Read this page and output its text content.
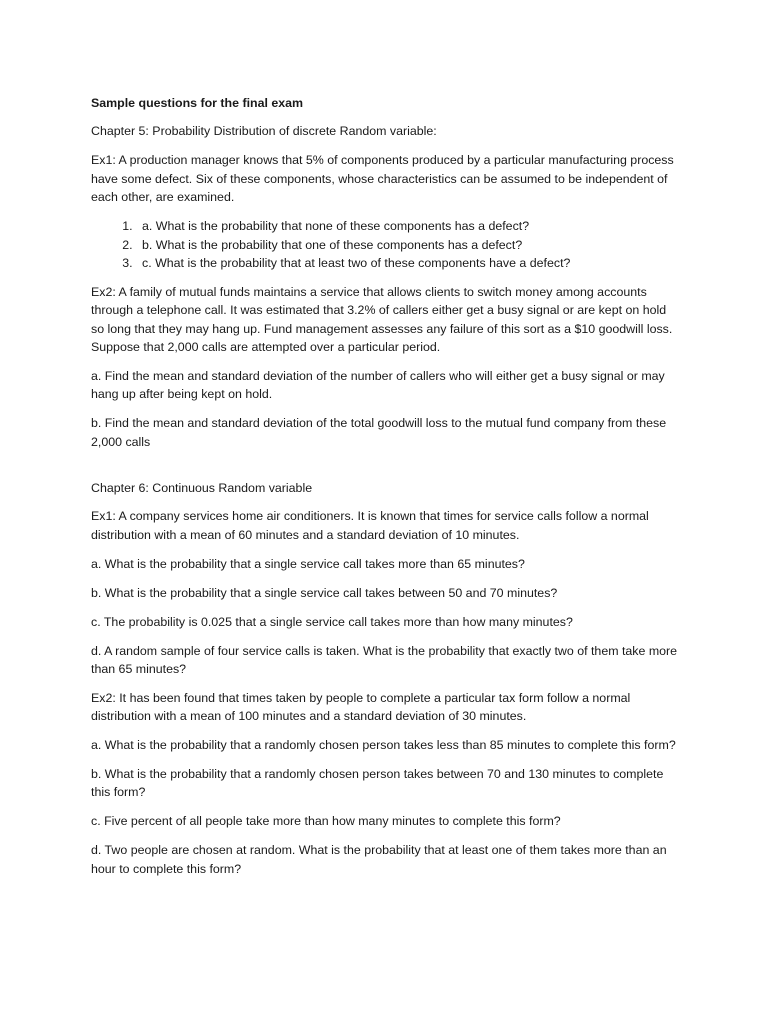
Sample questions for the final exam

Chapter 5: Probability Distribution of discrete Random variable:

Ex1: A production manager knows that 5% of components produced by a particular manufacturing process have some defect. Six of these components, whose characteristics can be assumed to be independent of each other, are examined.

1. a. What is the probability that none of these components has a defect?
2. b. What is the probability that one of these components has a defect?
3. c. What is the probability that at least two of these components have a defect?

Ex2: A family of mutual funds maintains a service that allows clients to switch money among accounts through a telephone call. It was estimated that 3.2% of callers either get a busy signal or are kept on hold so long that they may hang up. Fund management assesses any failure of this sort as a $10 goodwill loss. Suppose that 2,000 calls are attempted over a particular period.

a. Find the mean and standard deviation of the number of callers who will either get a busy signal or may hang up after being kept on hold.

b. Find the mean and standard deviation of the total goodwill loss to the mutual fund company from these 2,000 calls

Chapter 6: Continuous Random variable

Ex1: A company services home air conditioners. It is known that times for service calls follow a normal distribution with a mean of 60 minutes and a standard deviation of 10 minutes.

a. What is the probability that a single service call takes more than 65 minutes?

b. What is the probability that a single service call takes between 50 and 70 minutes?

c. The probability is 0.025 that a single service call takes more than how many minutes?

d. A random sample of four service calls is taken. What is the probability that exactly two of them take more than 65 minutes?

Ex2: It has been found that times taken by people to complete a particular tax form follow a normal distribution with a mean of 100 minutes and a standard deviation of 30 minutes.

a. What is the probability that a randomly chosen person takes less than 85 minutes to complete this form?

b. What is the probability that a randomly chosen person takes between 70 and 130 minutes to complete this form?

c. Five percent of all people take more than how many minutes to complete this form?

d. Two people are chosen at random. What is the probability that at least one of them takes more than an hour to complete this form?
